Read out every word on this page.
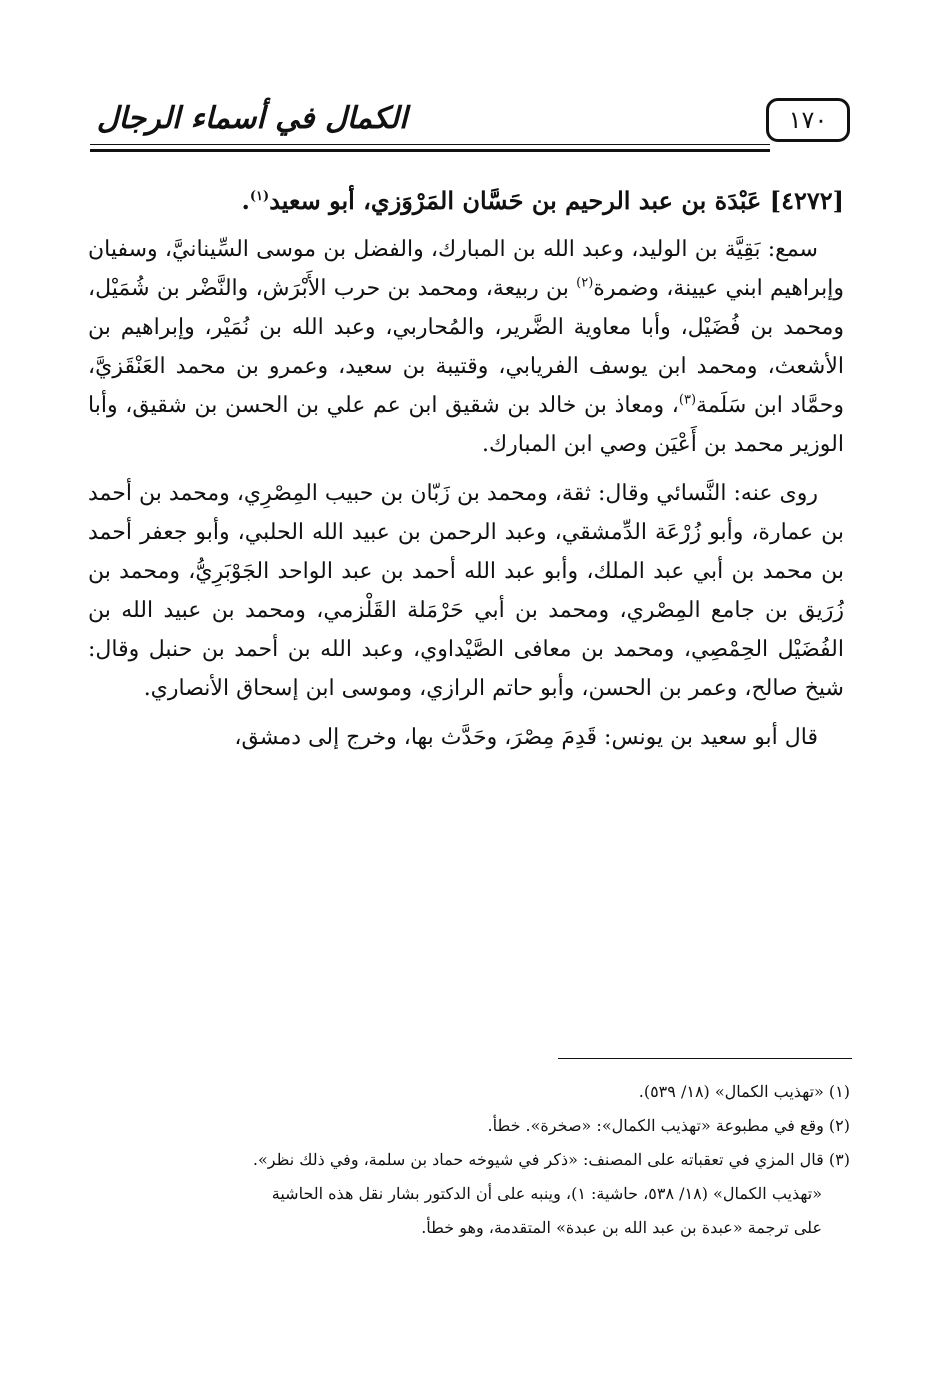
الكمال في أسماء الرجال	١٧٠

[٤٢٧٢] عَبْدَة بن عبد الرحيم بن حَسَّان المَرْوَزي، أبو سعيد$^{(١)}$.

سمع: بَقِيَّة بن الوليد، وعبد الله بن المبارك، والفضل بن موسى السِّينانيَّ، وسفيان وإبراهيم ابني عيينة، وضمرة$^{(٢)}$ بن ربيعة، ومحمد بن حرب الأَبْرَش، والنَّضْر بن شُمَيْل، ومحمد بن فُضَيْل، وأبا معاوية الضَّرير، والمُحاربي، وعبد الله بن نُمَيْر، وإبراهيم بن الأشعث، ومحمد ابن يوسف الفريابي، وقتيبة بن سعيد، وعمرو بن محمد العَنْقَزيَّ، وحمَّاد ابن سَلَمة$^{(٣)}$، ومعاذ بن خالد بن شقيق ابن عم علي بن الحسن بن شقيق، وأبا الوزير محمد بن أَعْيَن وصي ابن المبارك.

روى عنه: النَّسائي وقال: ثقة، ومحمد بن زَبّان بن حبيب المِصْرِي، ومحمد بن أحمد بن عمارة، وأبو زُرْعَة الدِّمشقي، وعبد الرحمن بن عبيد الله الحلبي، وأبو جعفر أحمد بن محمد بن أبي عبد الملك، وأبو عبد الله أحمد بن عبد الواحد الجَوْبَرِيُّ، ومحمد بن زُرَيق بن جامع المِصْري، ومحمد بن أبي حَرْمَلة القَلْزمي، ومحمد بن عبيد الله بن الفُضَيْل الحِمْصِي، ومحمد بن معافى الصَّيْداوي، وعبد الله بن أحمد بن حنبل وقال: شيخ صالح، وعمر بن الحسن، وأبو حاتم الرازي، وموسى ابن إسحاق الأنصاري.

قال أبو سعيد بن يونس: قَدِمَ مِصْرَ، وحَدَّث بها، وخرج إلى دمشق،

(١) «تهذيب الكمال» (١٨/ ٥٣٩).

(٢) وقع في مطبوعة «تهذيب الكمال»: «صخرة». خطأ.

(٣) قال المزي في تعقباته على المصنف: «ذكر في شيوخه حماد بن سلمة، وفي ذلك نظر».

«تهذيب الكمال» (١٨/ ٥٣٨، حاشية: ١)، وينبه على أن الدكتور بشار نقل هذه الحاشية

على ترجمة «عبدة بن عبد الله بن عبدة» المتقدمة، وهو خطأ.
